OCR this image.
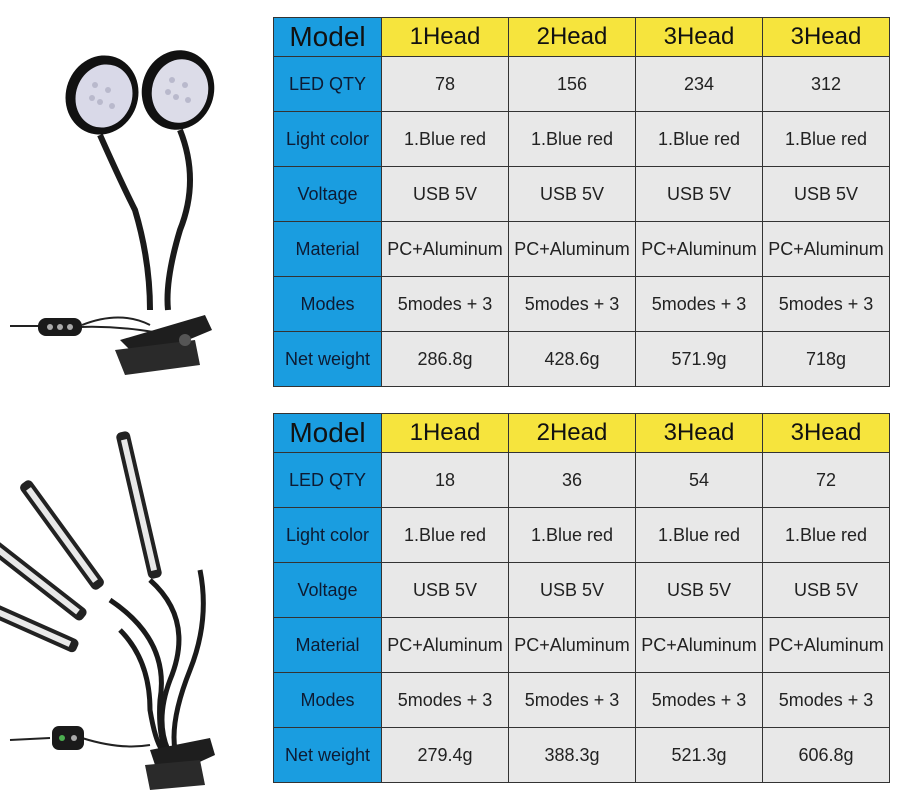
Model	1Head	2Head	3Head	3Head
LED QTY	78	156	234	312
Light color	1.Blue red	1.Blue red	1.Blue red	1.Blue red
Voltage	USB 5V	USB 5V	USB 5V	USB 5V
Material	PC+Aluminum	PC+Aluminum	PC+Aluminum	PC+Aluminum
Modes	5modes + 3	5modes + 3	5modes + 3	5modes + 3
Net weight	286.8g	428.6g	571.9g	718g
Model	1Head	2Head	3Head	3Head
LED QTY	18	36	54	72
Light color	1.Blue red	1.Blue red	1.Blue red	1.Blue red
Voltage	USB 5V	USB 5V	USB 5V	USB 5V
Material	PC+Aluminum	PC+Aluminum	PC+Aluminum	PC+Aluminum
Modes	5modes + 3	5modes + 3	5modes + 3	5modes + 3
Net weight	279.4g	388.3g	521.3g	606.8g
